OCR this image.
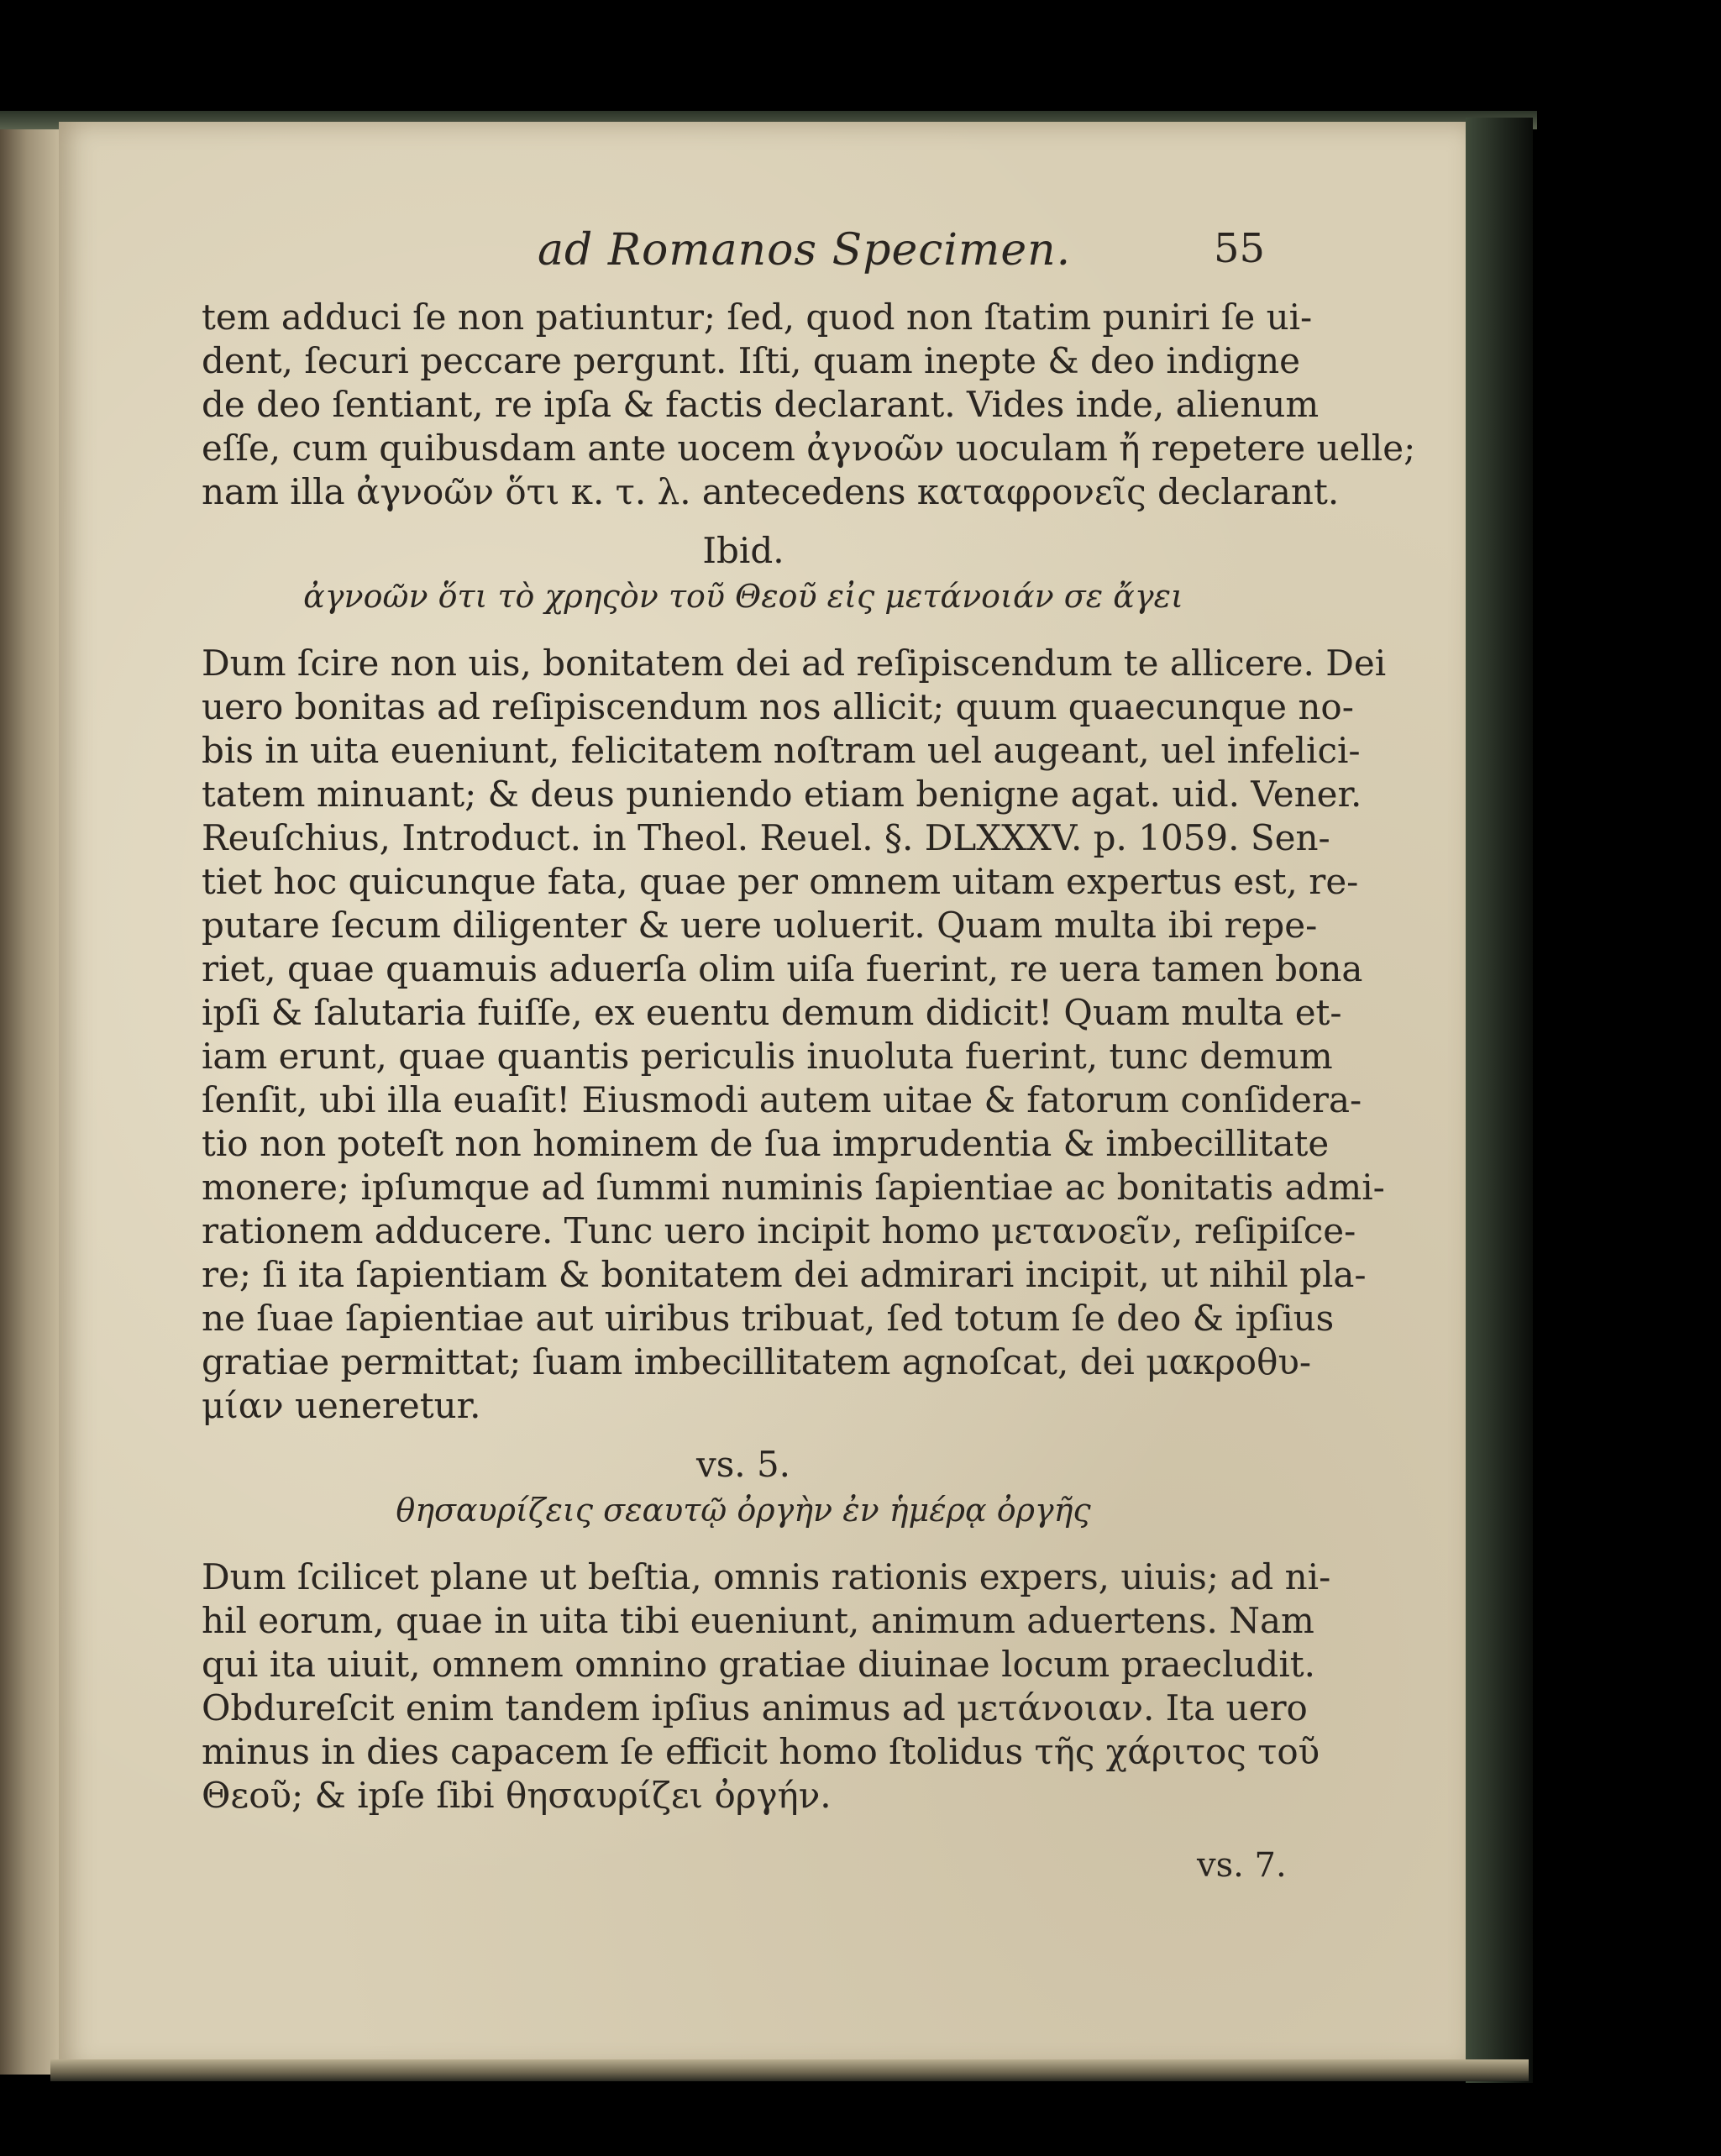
ad Romanos Specimen.	55
tem adduci ſe non patiuntur; ſed, quod non ſtatim puniri ſe ui-
dent, ſecuri peccare pergunt. Iſti, quam inepte & deo indigne
de deo ſentiant, re ipſa & factis declarant. Vides inde, alienum
eſſe, cum quibusdam ante uocem ἀγνοῶν uoculam ἤ repetere uelle;
nam illa ἀγνοῶν ὅτι κ. τ. λ. antecedens καταφρονεῖς declarant.
Ibid.
ἀγνοῶν ὅτι τὸ χρηςὸν τοῦ Θεοῦ εἰς μετάνοιάν σε ἄγει
Dum ſcire non uis, bonitatem dei ad reſipiscendum te allicere. Dei
uero bonitas ad reſipiscendum nos allicit; quum quaecunque no-
bis in uita eueniunt, felicitatem noſtram uel augeant, uel infelici-
tatem minuant; & deus puniendo etiam benigne agat. uid. Vener.
Reuſchius, Introduct. in Theol. Reuel. §. DLXXXV. p. 1059. Sen-
tiet hoc quicunque fata, quae per omnem uitam expertus est, re-
putare ſecum diligenter & uere uoluerit. Quam multa ibi repe-
riet, quae quamuis aduerſa olim uiſa fuerint, re uera tamen bona
ipſi & ſalutaria fuiſſe, ex euentu demum didicit! Quam multa et-
iam erunt, quae quantis periculis inuoluta fuerint, tunc demum
ſenſit, ubi illa euaſit! Eiusmodi autem uitae & fatorum conſidera-
tio non poteſt non hominem de ſua imprudentia & imbecillitate
monere; ipſumque ad ſummi numinis ſapientiae ac bonitatis admi-
rationem adducere. Tunc uero incipit homo μετανοεῖν, reſipiſce-
re; ſi ita ſapientiam & bonitatem dei admirari incipit, ut nihil pla-
ne ſuae ſapientiae aut uiribus tribuat, ſed totum ſe deo & ipſius
gratiae permittat; ſuam imbecillitatem agnoſcat, dei μακροθυ-
μίαν ueneretur.
vs. 5.
θησαυρίζεις σεαυτῷ ὀργὴν ἐν ἡμέρᾳ ὀργῆς
Dum ſcilicet plane ut beſtia, omnis rationis expers, uiuis; ad ni-
hil eorum, quae in uita tibi eueniunt, animum aduertens. Nam
qui ita uiuit, omnem omnino gratiae diuinae locum praecludit.
Obdureſcit enim tandem ipſius animus ad μετάνοιαν. Ita uero
minus in dies capacem ſe efficit homo ſtolidus τῆς χάριτος τοῦ
Θεοῦ; & ipſe ſibi θησαυρίζει ὀργήν.
vs. 7.
